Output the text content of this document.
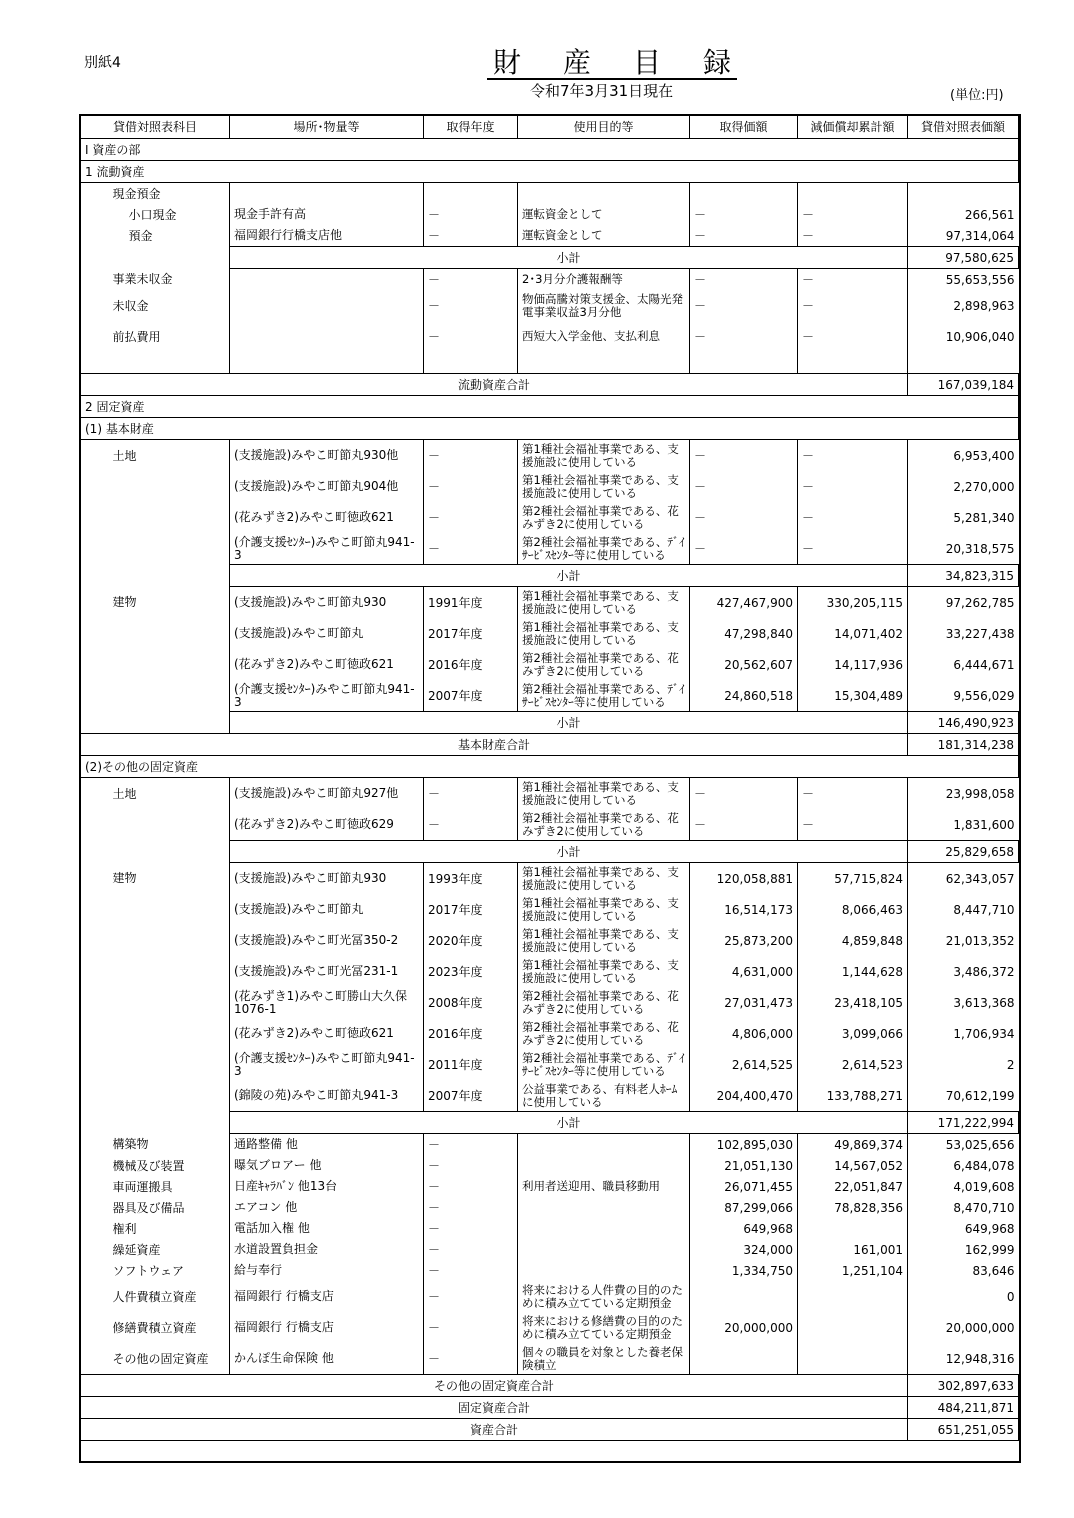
別紙4	財 産 目 録
令和7年3月31日現在	(単位:円)
貸借対照表科目	場所･物量等	取得年度	使用目的等	取得価額	減価償却累計額	貸借対照表価額
Ⅰ 資産の部						
1 流動資産						
現金預金						
小口現金	現金手許有高	－	運転資金として	－	－	266,561
預金	福岡銀行行橋支店他	－	運転資金として	－	－	97,314,064
	小計					97,580,625
事業未収金		－	2･3月分介護報酬等	－	－	55,653,556
未収金		－	物価高騰対策支援金、太陽光発電事業収益3月分他	－	－	2,898,963
前払費用		－	西短大入学金他、支払利息	－	－	10,906,040

流動資産合計						167,039,184
2 固定資産						
(1) 基本財産						
土地	(支援施設)みやこ町節丸930他	－	第1種社会福祉事業である、支援施設に使用している	－	－	6,953,400
	(支援施設)みやこ町節丸904他	－	第1種社会福祉事業である、支援施設に使用している	－	－	2,270,000
	(花みずき2)みやこ町徳政621	－	第2種社会福祉事業である、花みずき2に使用している	－	－	5,281,340
	(介護支援ｾﾝﾀｰ)みやこ町節丸941-3	－	第2種社会福祉事業である、ﾃﾞｲｻｰﾋﾞｽｾﾝﾀｰ等に使用している	－	－	20,318,575
	小計					34,823,315
建物	(支援施設)みやこ町節丸930	1991年度	第1種社会福祉事業である、支援施設に使用している	427,467,900	330,205,115	97,262,785
	(支援施設)みやこ町節丸	2017年度	第1種社会福祉事業である、支援施設に使用している	47,298,840	14,071,402	33,227,438
	(花みずき2)みやこ町徳政621	2016年度	第2種社会福祉事業である、花みずき2に使用している	20,562,607	14,117,936	6,444,671
	(介護支援ｾﾝﾀｰ)みやこ町節丸941-3	2007年度	第2種社会福祉事業である、ﾃﾞｲｻｰﾋﾞｽｾﾝﾀｰ等に使用している	24,860,518	15,304,489	9,556,029
	小計					146,490,923
基本財産合計						181,314,238
(2)その他の固定資産						
土地	(支援施設)みやこ町節丸927他	－	第1種社会福祉事業である、支援施設に使用している	－	－	23,998,058
	(花みずき2)みやこ町徳政629	－	第2種社会福祉事業である、花みずき2に使用している	－	－	1,831,600
	小計					25,829,658
建物	(支援施設)みやこ町節丸930	1993年度	第1種社会福祉事業である、支援施設に使用している	120,058,881	57,715,824	62,343,057
	(支援施設)みやこ町節丸	2017年度	第1種社会福祉事業である、支援施設に使用している	16,514,173	8,066,463	8,447,710
	(支援施設)みやこ町光冨350-2	2020年度	第1種社会福祉事業である、支援施設に使用している	25,873,200	4,859,848	21,013,352
	(支援施設)みやこ町光冨231-1	2023年度	第1種社会福祉事業である、支援施設に使用している	4,631,000	1,144,628	3,486,372
	(花みずき1)みやこ町勝山大久保1076-1	2008年度	第2種社会福祉事業である、花みずき2に使用している	27,031,473	23,418,105	3,613,368
	(花みずき2)みやこ町徳政621	2016年度	第2種社会福祉事業である、花みずき2に使用している	4,806,000	3,099,066	1,706,934
	(介護支援ｾﾝﾀｰ)みやこ町節丸941-3	2011年度	第2種社会福祉事業である、ﾃﾞｲｻｰﾋﾞｽｾﾝﾀｰ等に使用している	2,614,525	2,614,523	2
	(錦陵の苑)みやこ町節丸941-3	2007年度	公益事業である、有料老人ﾎｰﾑに使用している	204,400,470	133,788,271	70,612,199
	小計					171,222,994
構築物	通路整備 他	－		102,895,030	49,869,374	53,025,656
機械及び装置	曝気ブロアー 他	－		21,051,130	14,567,052	6,484,078
車両運搬具	日産ｷｬﾗﾊﾞﾝ 他13台	－	利用者送迎用、職員移動用	26,071,455	22,051,847	4,019,608
器具及び備品	エアコン 他	－		87,299,066	78,828,356	8,470,710
権利	電話加入権 他	－		649,968		649,968
繰延資産	水道設置負担金	－		324,000	161,001	162,999
ソフトウェア	給与奉行	－		1,334,750	1,251,104	83,646
人件費積立資産	福岡銀行 行橋支店	－	将来における人件費の目的のために積み立てている定期預金			0
修繕費積立資産	福岡銀行 行橋支店	－	将来における修繕費の目的のために積み立てている定期預金	20,000,000		20,000,000
その他の固定資産	かんぽ生命保険 他	－	個々の職員を対象とした養老保険積立			12,948,316
その他の固定資産合計						302,897,633
固定資産合計						484,211,871
資産合計						651,251,055
